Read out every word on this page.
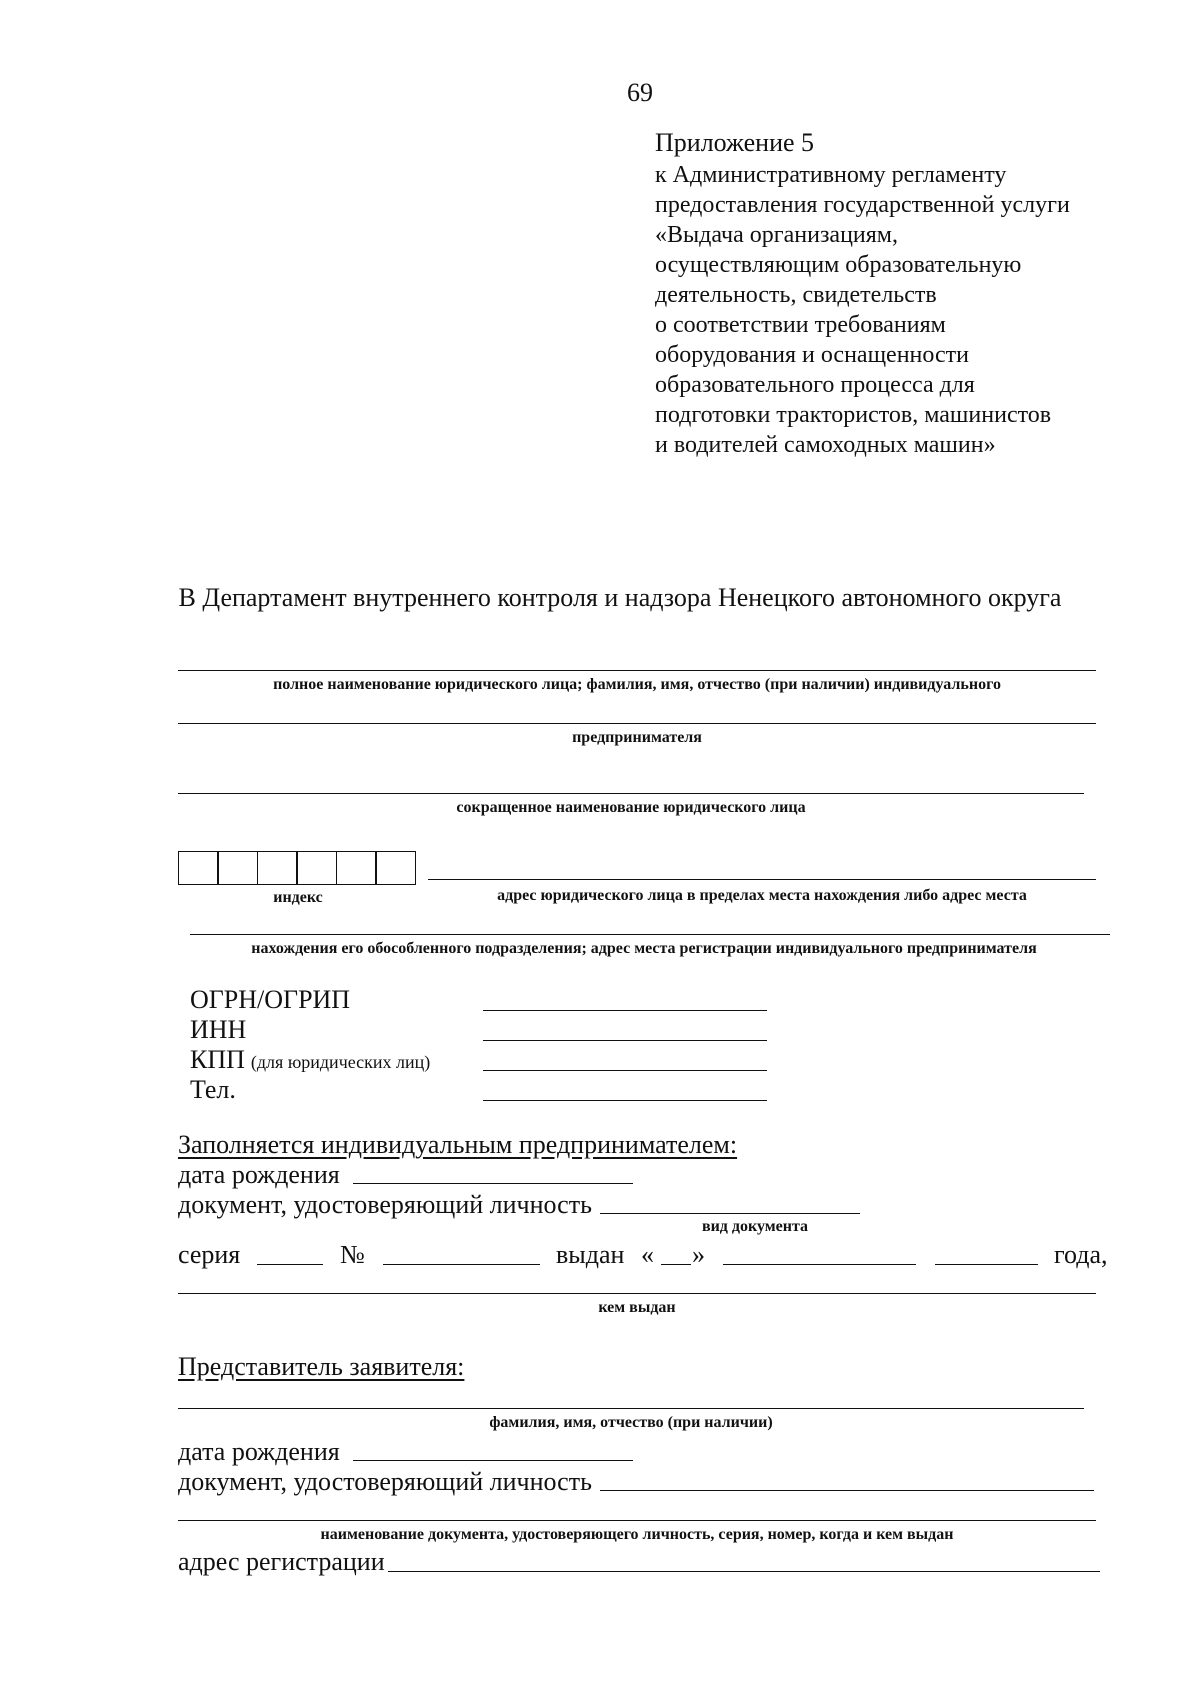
69
Приложение 5
к Административному регламенту
предоставления государственной услуги
«Выдача организациям,
осуществляющим образовательную
деятельность, свидетельств
о соответствии требованиям
оборудования и оснащенности
образовательного процесса для
подготовки трактористов, машинистов
и водителей самоходных машин»
В Департамент внутреннего контроля и надзора Ненецкого автономного округа
полное наименование юридического лица; фамилия, имя, отчество (при наличии) индивидуального
предпринимателя
сокращенное наименование юридического лица
индекс	адрес юридического лица в пределах места нахождения либо адрес места
нахождения его обособленного подразделения; адрес места регистрации индивидуального предпринимателя
ОГРН/ОГРИП
ИНН
КПП (для юридических лиц)
Тел.
Заполняется индивидуальным предпринимателем:
дата рождения
документ, удостоверяющий личность
вид документа
серия	№	выдан « »	года,
кем выдан
Представитель заявителя:
фамилия, имя, отчество (при наличии)
дата рождения
документ, удостоверяющий личность
наименование документа, удостоверяющего личность, серия, номер, когда и кем выдан
адрес регистрации
